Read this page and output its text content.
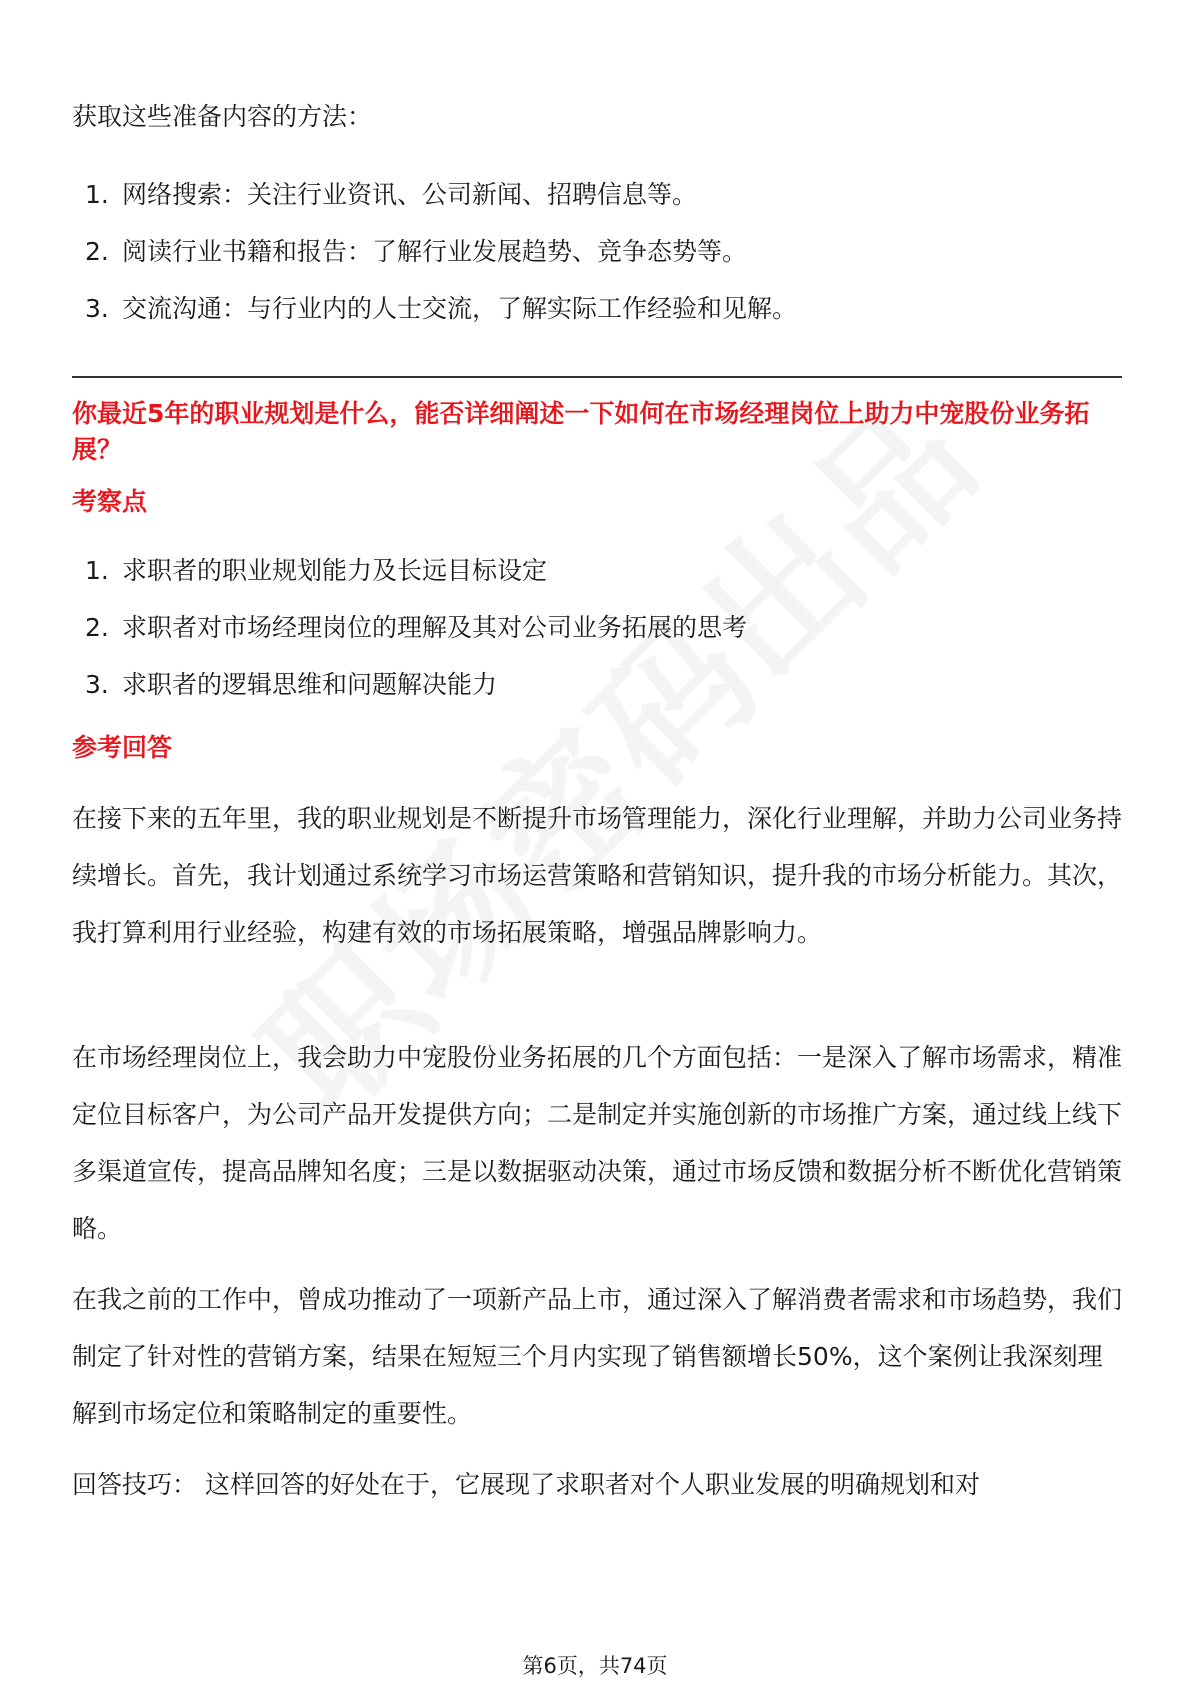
获取这些准备内容的方法：
1. 网络搜索：关注行业资讯、公司新闻、招聘信息等。
2. 阅读行业书籍和报告：了解行业发展趋势、竞争态势等。
3. 交流沟通：与行业内的人士交流，了解实际工作经验和见解。
你最近5年的职业规划是什么，能否详细阐述一下如何在市场经理岗位上助力中宠股份业务拓展？
考察点
1. 求职者的职业规划能力及长远目标设定
2. 求职者对市场经理岗位的理解及其对公司业务拓展的思考
3. 求职者的逻辑思维和问题解决能力
参考回答
在接下来的五年里，我的职业规划是不断提升市场管理能力，深化行业理解，并助力公司业务持续增长。首先，我计划通过系统学习市场运营策略和营销知识，提升我的市场分析能力。其次，我打算利用行业经验，构建有效的市场拓展策略，增强品牌影响力。
在市场经理岗位上，我会助力中宠股份业务拓展的几个方面包括：一是深入了解市场需求，精准定位目标客户，为公司产品开发提供方向；二是制定并实施创新的市场推广方案，通过线上线下多渠道宣传，提高品牌知名度；三是以数据驱动决策，通过市场反馈和数据分析不断优化营销策略。
在我之前的工作中，曾成功推动了一项新产品上市，通过深入了解消费者需求和市场趋势，我们制定了针对性的营销方案，结果在短短三个月内实现了销售额增长50%，这个案例让我深刻理解到市场定位和策略制定的重要性。
回答技巧： 这样回答的好处在于，它展现了求职者对个人职业发展的明确规划和对
第6页，共74页
